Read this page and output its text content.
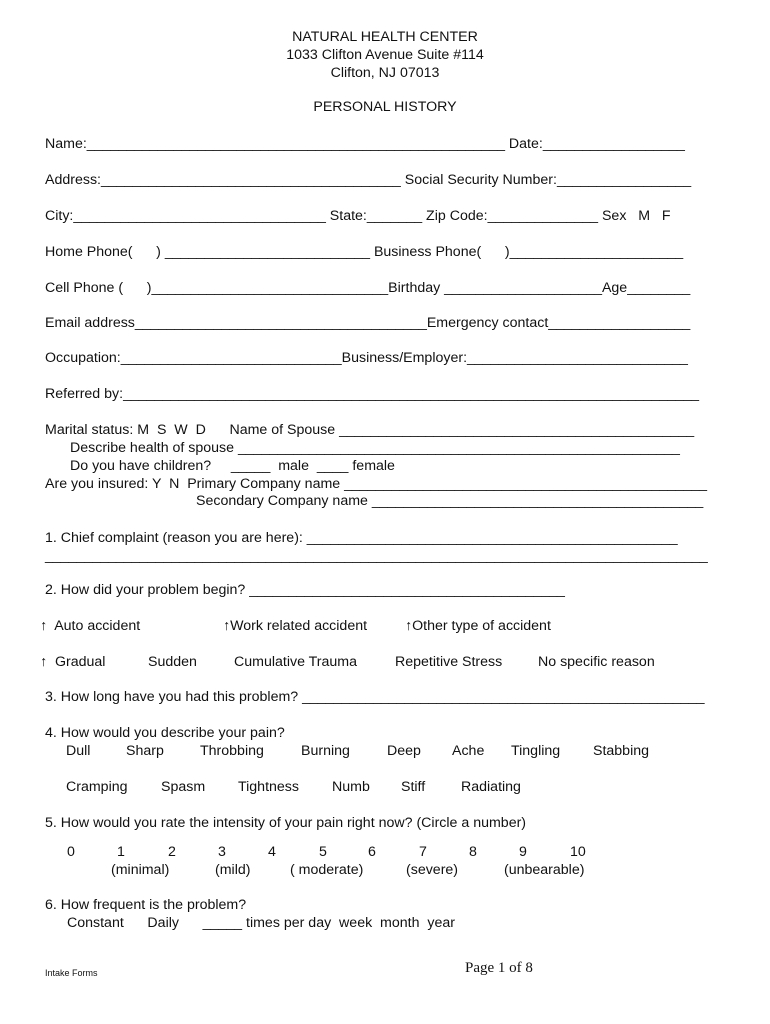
NATURAL HEALTH CENTER
1033 Clifton Avenue Suite #114
Clifton, NJ 07013
PERSONAL HISTORY
Name:_____________________________________________________ Date:__________________
Address:______________________________________ Social Security Number:_________________
City:________________________________ State:_______ Zip Code:______________ Sex   M   F
Home Phone(      ) __________________________ Business Phone(      )______________________
Cell Phone (      )______________________________Birthday ____________________Age________
Email address_____________________________________Emergency contact__________________
Occupation:____________________________Business/Employer:____________________________
Referred by:_________________________________________________________________________
Marital status: M  S  W  D      Name of Spouse _____________________________________________
Describe health of spouse ________________________________________________________
Do you have children?     _____  male  ____ female
Are you insured: Y  N  Primary Company name ______________________________________________
Secondary Company name __________________________________________
1. Chief complaint (reason you are here): _______________________________________________
____________________________________________________________________________________
2. How did your problem begin? ________________________________________
↑  Auto accident	↑Work related accident	↑Other type of accident
↑  Gradual	Sudden	Cumulative Trauma	Repetitive Stress	No specific reason
3. How long have you had this problem? ___________________________________________________
4. How would you describe your pain?
Dull	Sharp	Throbbing	Burning	Deep Ache Tingling Stabbing
Cramping Spasm Tightness Numb Stiff	Radiating
5. How would you rate the intensity of your pain right now? (Circle a number)
0	1	2	3	4	5	6	7	8	9	10
(minimal)	(mild)	( moderate)	(severe)	(unbearable)
6. How frequent is the problem?
Constant      Daily      _____ times per day  week  month  year
Intake Forms	Page 1 of 8
